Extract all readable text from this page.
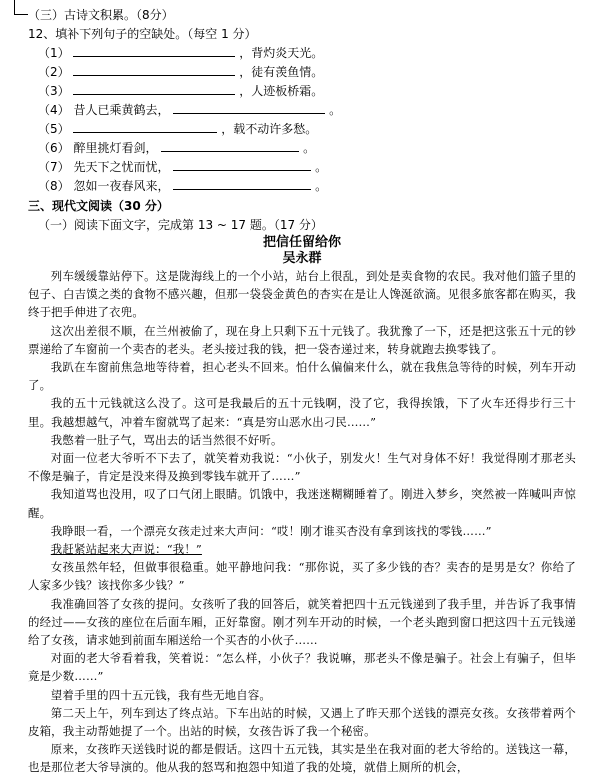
（三）古诗文积累。（8分）
12、填补下列句子的空缺处。（每空 1 分）
（1）	，背灼炎天光。
（2）	，徒有羡鱼情。
（3）	，人迹板桥霜。
（4） 昔人已乘黄鹤去，	。
（5）	，载不动许多愁。
（6） 醉里挑灯看剑，	。
（7） 先天下之忧而忧，	。
（8） 忽如一夜春风来，	。
三、现代文阅读（30 分）
（一）阅读下面文字，完成第 13 ~ 17 题。（17 分）
把信任留给你
吴永群

列车缓缓靠站停下。这是陇海线上的一个小站，站台上很乱，到处是卖食物的农民。我对他们篮子里的包子、白吉馍之类的食物不感兴趣，但那一袋袋金黄色的杏实在是让人馋涎欲滴。见很多旅客都在购买，我终于把手伸进了衣兜。

这次出差很不顺，在兰州被偷了，现在身上只剩下五十元钱了。我犹豫了一下，还是把这张五十元的钞票递给了车窗前一个卖杏的老头。老头接过我的钱，把一袋杏递过来，转身就跑去换零钱了。

我趴在车窗前焦急地等待着，担心老头不回来。怕什么偏偏来什么，就在我焦急等待的时候，列车开动了。

我的五十元钱就这么没了。这可是我最后的五十元钱啊，没了它，我得挨饿，下了火车还得步行三十里。我越想越气，冲着车窗就骂了起来：“真是穷山恶水出刁民……”

我憋着一肚子气，骂出去的话当然很不好听。

对面一位老大爷听不下去了，就笑着劝我说：“小伙子，别发火！生气对身体不好！我觉得刚才那老头不像是骗子，肯定是没来得及换到零钱车就开了……”

我知道骂也没用，叹了口气闭上眼睛。饥饿中，我迷迷糊糊睡着了。刚进入梦乡，突然被一阵喊叫声惊醒。

我睁眼一看，一个漂亮女孩走过来大声问：“哎！刚才谁买杏没有拿到该找的零钱……”

我赶紧站起来大声说：“我！”

女孩虽然年轻，但做事很稳重。她平静地问我：“那你说，买了多少钱的杏？卖杏的是男是女？你给了人家多少钱？该找你多少钱？”

我准确回答了女孩的提问。女孩听了我的回答后，就笑着把四十五元钱递到了我手里，并告诉了我事情的经过——女孩的座位在后面车厢，正好靠窗。刚才列车开动的时候，一个老头跑到窗口把这四十五元钱递给了女孩，请求她到前面车厢送给一个买杏的小伙子……

对面的老大爷看着我，笑着说：“怎么样，小伙子？我说嘛，那老头不像是骗子。社会上有骗子，但毕竟是少数……”

望着手里的四十五元钱，我有些无地自容。

第二天上午，列车到达了终点站。下车出站的时候，又遇上了昨天那个送钱的漂亮女孩。女孩带着两个皮箱，我主动帮她提了一个。出站的时候，女孩告诉了我一个秘密。

原来，女孩昨天送钱时说的都是假话。这四十五元钱，其实是坐在我对面的老大爷给的。送钱这一幕，也是那位老大爷导演的。他从我的怒骂和抱怨中知道了我的处境，就借上厕所的机会，
